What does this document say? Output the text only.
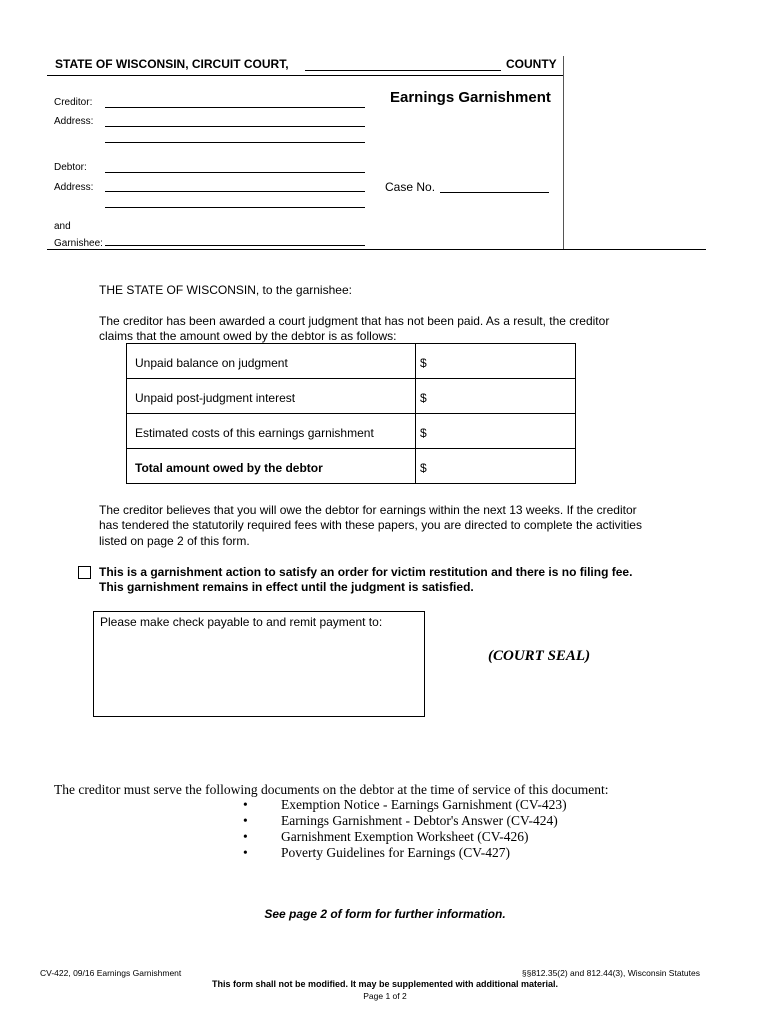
STATE OF WISCONSIN, CIRCUIT COURT,	COUNTY
Earnings Garnishment
Creditor:
Address:
Debtor:
Address:	Case No.
and
Garnishee:
THE STATE OF WISCONSIN, to the garnishee:
The creditor has been awarded a court judgment that has not been paid. As a result, the creditor
claims that the amount owed by the debtor is as follows:
Unpaid balance on judgment	$
Unpaid post-judgment interest	$
Estimated costs of this earnings garnishment	$
Total amount owed by the debtor	$
The creditor believes that you will owe the debtor for earnings within the next 13 weeks. If the creditor
has tendered the statutorily required fees with these papers, you are directed to complete the activities
listed on page 2 of this form.
This is a garnishment action to satisfy an order for victim restitution and there is no filing fee.
This garnishment remains in effect until the judgment is satisfied.
Please make check payable to and remit payment to:
(COURT SEAL)
The creditor must serve the following documents on the debtor at the time of service of this document:
• Exemption Notice - Earnings Garnishment (CV-423)
• Earnings Garnishment - Debtor's Answer (CV-424)
• Garnishment Exemption Worksheet (CV-426)
• Poverty Guidelines for Earnings (CV-427)
See page 2 of form for further information.
CV-422, 09/16 Earnings Garnishment	§§812.35(2) and 812.44(3), Wisconsin Statutes
This form shall not be modified. It may be supplemented with additional material.
Page 1 of 2
